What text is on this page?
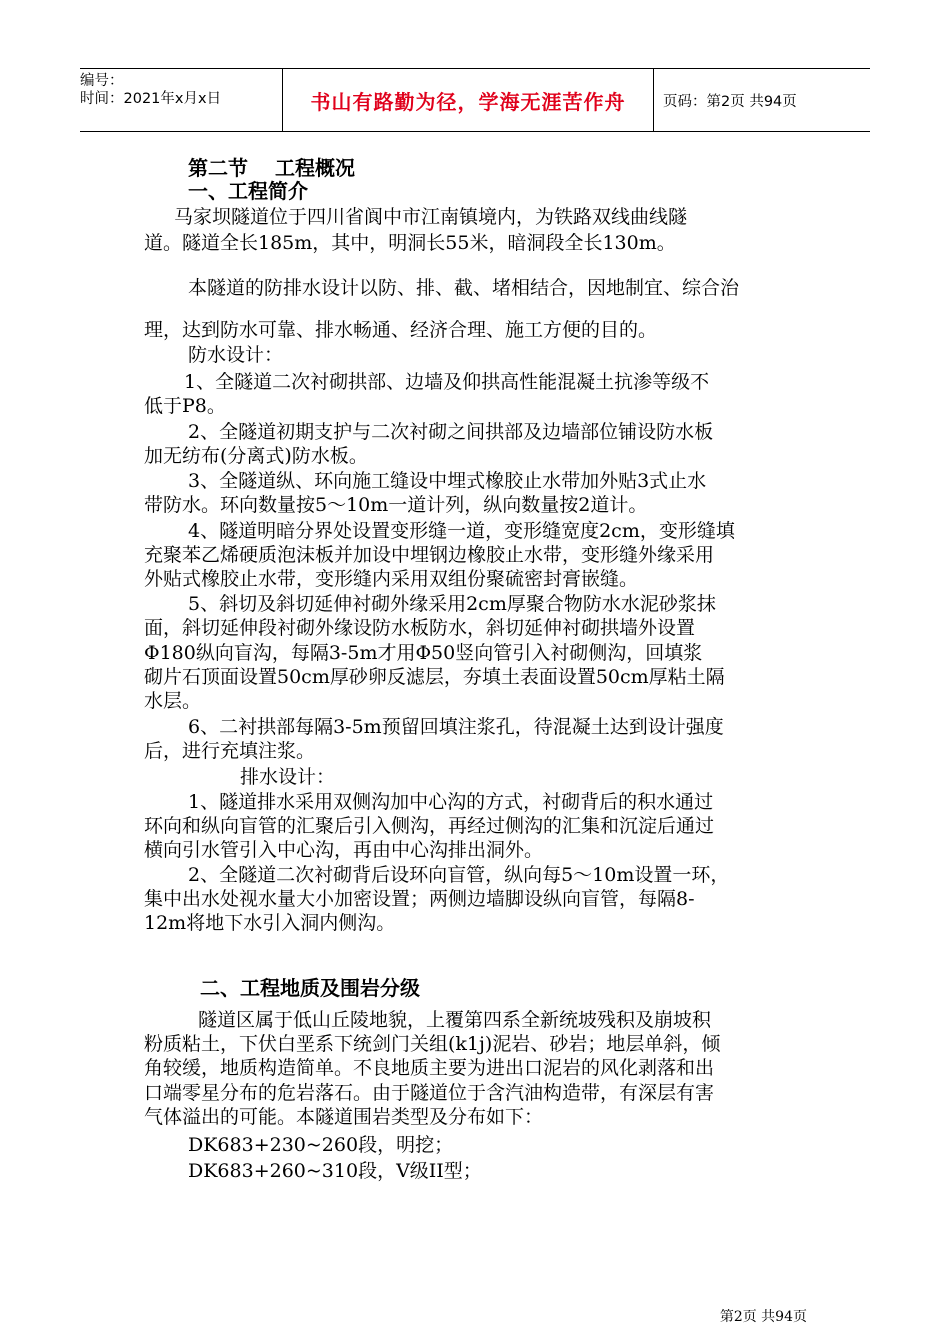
编号：
时间：2021年x月x日	书山有路勤为径，学海无涯苦作舟	页码：第2页 共94页
第二节　 工程概况
一、工程简介
马家坝隧道位于四川省阆中市江南镇境内，为铁路双线曲线隧
道。隧道全长185m，其中，明洞长55米，暗洞段全长130m。
本隧道的防排水设计以防、排、截、堵相结合，因地制宜、综合治
理，达到防水可靠、排水畅通、经济合理、施工方便的目的。
防水设计：
1、全隧道二次衬砌拱部、边墙及仰拱高性能混凝土抗渗等级不
低于P8。
2、全隧道初期支护与二次衬砌之间拱部及边墙部位铺设防水板
加无纺布(分离式)防水板。
3、全隧道纵、环向施工缝设中埋式橡胶止水带加外贴3式止水
带防水。环向数量按5～10m一道计列，纵向数量按2道计。
4、隧道明暗分界处设置变形缝一道，变形缝宽度2cm，变形缝填
充聚苯乙烯硬质泡沫板并加设中埋钢边橡胶止水带，变形缝外缘采用
外贴式橡胶止水带，变形缝内采用双组份聚硫密封膏嵌缝。
5、斜切及斜切延伸衬砌外缘采用2cm厚聚合物防水水泥砂浆抹
面，斜切延伸段衬砌外缘设防水板防水，斜切延伸衬砌拱墙外设置
Φ180纵向盲沟，每隔3-5m才用Φ50竖向管引入衬砌侧沟，回填浆
砌片石顶面设置50cm厚砂卵反滤层，夯填土表面设置50cm厚粘土隔
水层。
6、二衬拱部每隔3-5m预留回填注浆孔，待混凝土达到设计强度
后，进行充填注浆。
排水设计：
1、隧道排水采用双侧沟加中心沟的方式，衬砌背后的积水通过
环向和纵向盲管的汇聚后引入侧沟，再经过侧沟的汇集和沉淀后通过
横向引水管引入中心沟，再由中心沟排出洞外。
2、全隧道二次衬砌背后设环向盲管，纵向每5～10m设置一环，
集中出水处视水量大小加密设置；两侧边墙脚设纵向盲管，每隔8-
12m将地下水引入洞内侧沟。
二、工程地质及围岩分级
隧道区属于低山丘陵地貌，上覆第四系全新统坡残积及崩坡积
粉质粘土，下伏白垩系下统剑门关组(k1j)泥岩、砂岩；地层单斜，倾
角较缓，地质构造简单。不良地质主要为进出口泥岩的风化剥落和出
口端零星分布的危岩落石。由于隧道位于含汽油构造带，有深层有害
气体溢出的可能。本隧道围岩类型及分布如下：
DK683+230~260段，明挖；
DK683+260~310段，V级II型；
第2页 共94页
